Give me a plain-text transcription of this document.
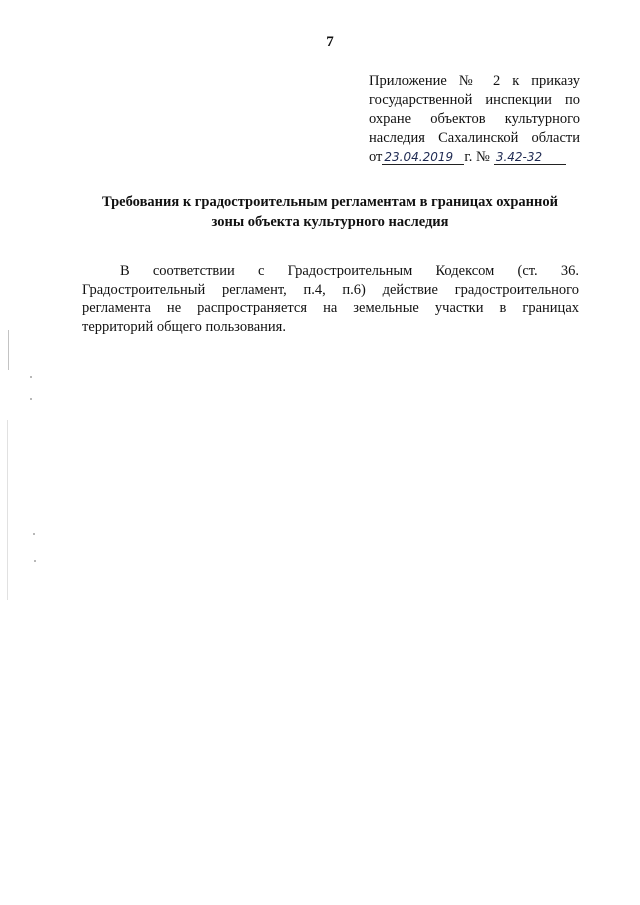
7
Приложение № 2 к приказу
государственной инспекции по
охране объектов культурного
наследия Сахалинской области
от 23.04.2019 г. № 3.42-32
Требования к градостроительным регламентам в границах охранной
зоны объекта культурного наследия
В соответствии с Градостроительным Кодексом (ст. 36.
Градостроительный регламент, п.4, п.6) действие градостроительного
регламента не распространяется на земельные участки в границах
территорий общего пользования.
